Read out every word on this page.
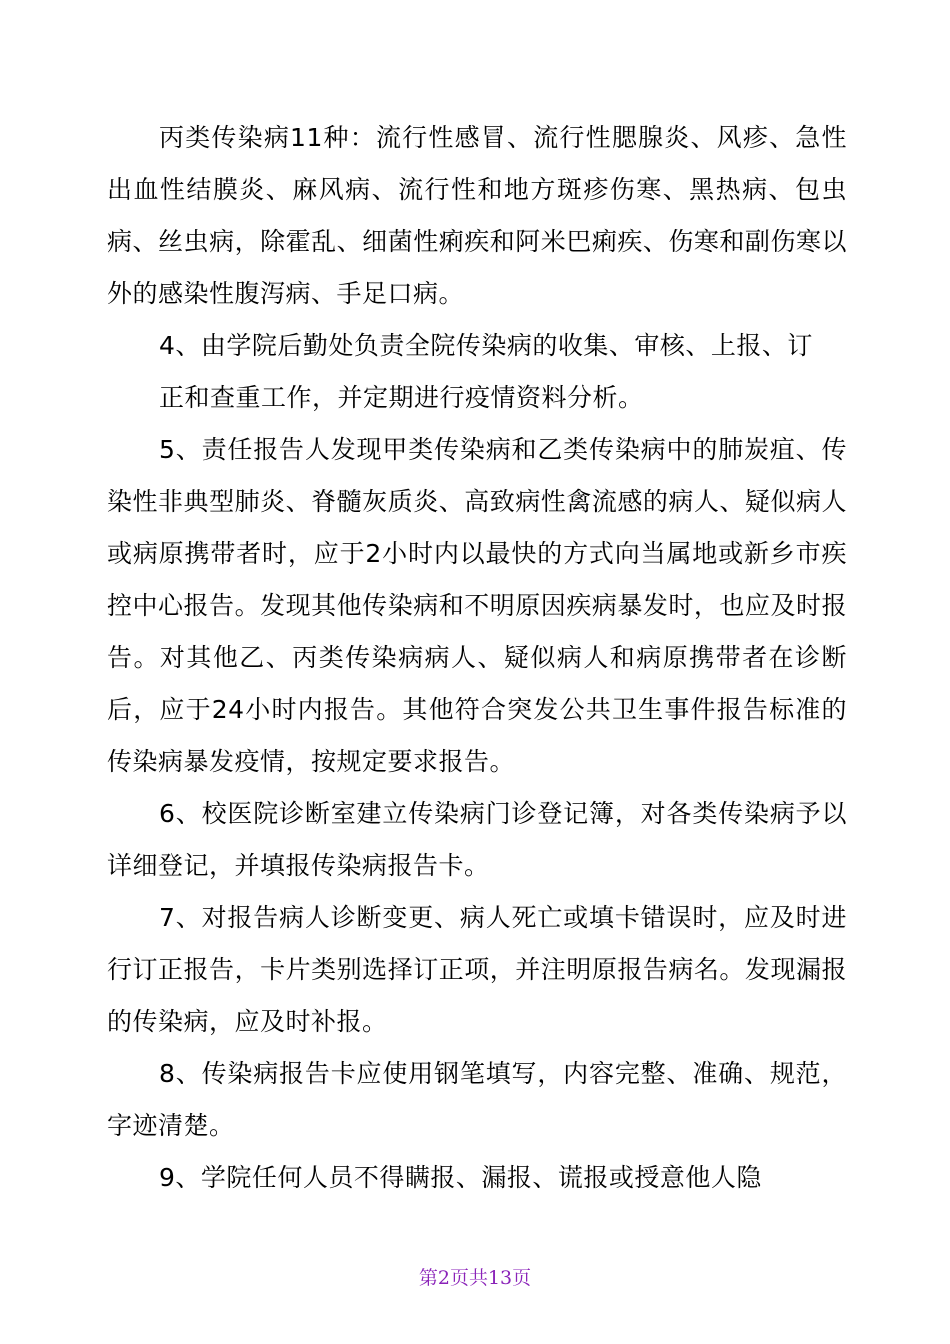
丙类传染病11种：流行性感冒、流行性腮腺炎、风疹、急性出血性结膜炎、麻风病、流行性和地方斑疹伤寒、黑热病、包虫病、丝虫病，除霍乱、细菌性痢疾和阿米巴痢疾、伤寒和副伤寒以外的感染性腹泻病、手足口病。

4、由学院后勤处负责全院传染病的收集、审核、上报、订

正和查重工作，并定期进行疫情资料分析。

5、责任报告人发现甲类传染病和乙类传染病中的肺炭疽、传染性非典型肺炎、脊髓灰质炎、高致病性禽流感的病人、疑似病人或病原携带者时，应于2小时内以最快的方式向当属地或新乡市疾控中心报告。发现其他传染病和不明原因疾病暴发时，也应及时报告。对其他乙、丙类传染病病人、疑似病人和病原携带者在诊断后，应于24小时内报告。其他符合突发公共卫生事件报告标准的传染病暴发疫情，按规定要求报告。

6、校医院诊断室建立传染病门诊登记簿，对各类传染病予以详细登记，并填报传染病报告卡。

7、对报告病人诊断变更、病人死亡或填卡错误时，应及时进行订正报告，卡片类别选择订正项，并注明原报告病名。发现漏报的传染病，应及时补报。

8、传染病报告卡应使用钢笔填写，内容完整、准确、规范，字迹清楚。

9、学院任何人员不得瞒报、漏报、谎报或授意他人隐

第2页共13页
